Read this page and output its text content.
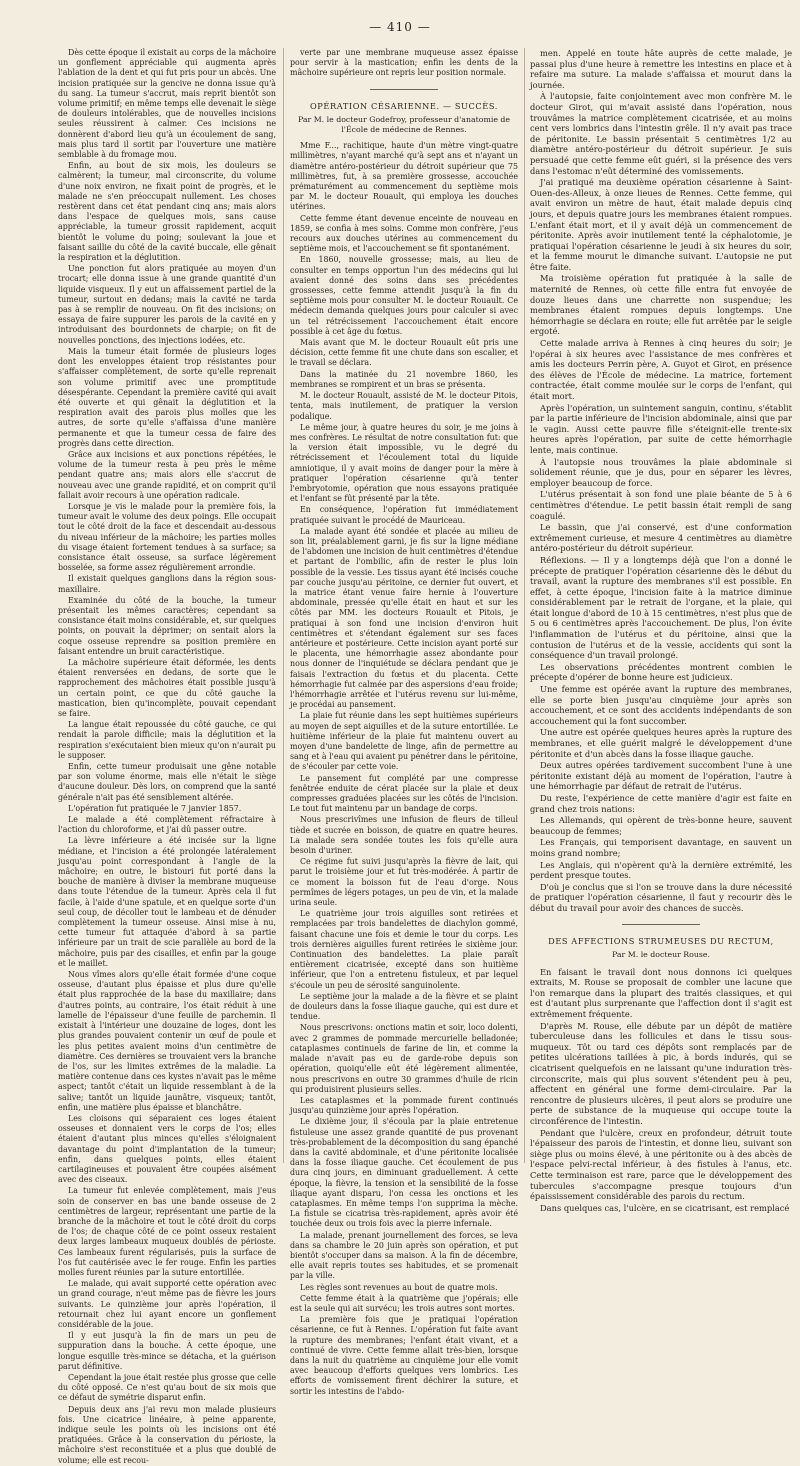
— 410 —

Dès cette époque il existait au corps de la mâchoire un gonflement appréciable qui augmenta après l'ablation de la dent et qui fut pris pour un abcès. Une incision pratiquée sur la gencive ne donna issue qu'à du sang. La tumeur s'accrut, mais reprit bientôt son volume primitif; en même temps elle devenait le siège de douleurs intolérables, que de nouvelles incisions seules réussirent à calmer. Ces incisions ne donnèrent d'abord lieu qu'à un écoulement de sang, mais plus tard il sortit par l'ouverture une matière semblable à du fromage mou.

Enfin, au bout de six mois, les douleurs se calmèrent; la tumeur, mal circonscrite, du volume d'une noix environ, ne fixait point de progrès, et le malade ne s'en préoccupait nullement. Les choses restèrent dans cet état pendant cinq ans; mais alors dans l'espace de quelques mois, sans cause appréciable, la tumeur grossit rapidement, acquit bientôt le volume du poing; soulevant la joue et faisant saillie du côté de la cavité buccale, elle gênait la respiration et la déglutition.

Une ponction fut alors pratiquée au moyen d'un trocart; elle donna issue à une grande quantité d'un liquide visqueux. Il y eut un affaissement partiel de la tumeur, surtout en dedans; mais la cavité ne tarda pas à se remplir de nouveau. On fit des incisions; on essaya de faire suppurer les parois de la cavité en y introduisant des bourdonnets de charpie; on fit de nouvelles ponctions, des injections iodées, etc.

Mais la tumeur était formée de plusieurs loges dont les enveloppes étaient trop résistantes pour s'affaisser complètement, de sorte qu'elle reprenait son volume primitif avec une promptitude désespérante. Cependant la première cavité qui avait été ouverte et qui gênait la déglutition et la respiration avait des parois plus molles que les autres, de sorte qu'elle s'affaissa d'une manière permanente et que la tumeur cessa de faire des progrès dans cette direction.

Grâce aux incisions et aux ponctions répétées, le volume de la tumeur resta à peu près le même pendant quatre ans; mais alors elle s'accrut de nouveau avec une grande rapidité, et on comprit qu'il fallait avoir recours à une opération radicale.

Lorsque je vis le malade pour la première fois, la tumeur avait le volume des deux poings. Elle occupait tout le côté droit de la face et descendait au-dessous du niveau inférieur de la mâchoire; les parties molles du visage étaient fortement tendues à sa surface; sa consistance était osseuse, sa surface légèrement bosselée, sa forme assez régulièrement arrondie.

Il existait quelques ganglions dans la région sous-maxillaire.

Examinée du côté de la bouche, la tumeur présentait les mêmes caractères; cependant sa consistance était moins considérable, et, sur quelques points, on pouvait la déprimer; on sentait alors la coque osseuse reprendre sa position première en faisant entendre un bruit caractéristique.

La mâchoire supérieure était déformée, les dents étaient renversées en dedans, de sorte que le rapprochement des mâchoires était possible jusqu'à un certain point, ce que du côté gauche la mastication, bien qu'incomplète, pouvait cependant se faire.

La langue était repoussée du côté gauche, ce qui rendait la parole difficile; mais la déglutition et la respiration s'exécutaient bien mieux qu'on n'aurait pu le supposer.

Enfin, cette tumeur produisait une gêne notable par son volume énorme, mais elle n'était le siège d'aucune douleur. Dès lors, on comprend que la santé générale n'ait pas été sensiblement altérée.

L'opération fut pratiquée le 7 janvier 1857.

Le malade a été complètement réfractaire à l'action du chloroforme, et j'ai dû passer outre.

La lèvre inférieure a été incisée sur la ligne médiane, et l'incision a été prolongée latéralement jusqu'au point correspondant à l'angle de la mâchoire; en outre, le bistouri fut porté dans la bouche de manière à diviser la membrane muqueuse dans toute l'étendue de la tumeur. Après cela il fut facile, à l'aide d'une spatule, et en quelque sorte d'un seul coup, de décoller tout le lambeau et de dénuder complètement la tumeur osseuse. Ainsi mise à nu, cette tumeur fut attaquée d'abord à sa partie inférieure par un trait de scie parallèle au bord de la mâchoire, puis par des cisailles, et enfin par la gouge et le maillet.

Nous vîmes alors qu'elle était formée d'une coque osseuse, d'autant plus épaisse et plus dure qu'elle était plus rapprochée de la base du maxillaire; dans d'autres points, au contraire, l'os était réduit à une lamelle de l'épaisseur d'une feuille de parchemin. Il existait à l'intérieur une douzaine de loges, dont les plus grandes pouvaient contenir un œuf de poule et les plus petites avaient moins d'un centimètre de diamètre. Ces dernières se trouvaient vers la branche de l'os, sur les limites extrêmes de la maladie. La matière contenue dans ces kystes n'avait pas le même aspect; tantôt c'était un liquide ressemblant à de la salive; tantôt un liquide jaunâtre, visqueux; tantôt, enfin, une matière plus épaisse et blanchâtre.

Les cloisons qui séparaient ces loges étaient osseuses et donnaient vers le corps de l'os; elles étaient d'autant plus minces qu'elles s'éloignaient davantage du point d'implantation de la tumeur; enfin, dans quelques points, elles étaient cartilagineuses et pouvaient être coupées aisément avec des ciseaux.

La tumeur fut enlevée complètement, mais j'eus soin de conserver en bas une bande osseuse de 2 centimètres de largeur, représentant une partie de la branche de la mâchoire et tout le côté droit du corps de l'os; de chaque côté de ce point osseux restaient deux larges lambeaux muqueux doublés de périoste. Ces lambeaux furent régularisés, puis la surface de l'os fut cautérisée avec le fer rouge. Enfin les parties molles furent réunies par la suture entortillée.

Le malade, qui avait supporté cette opération avec un grand courage, n'eut même pas de fièvre les jours suivants. Le quinzième jour après l'opération, il retournait chez lui ayant encore un gonflement considérable de la joue.

Il y eut jusqu'à la fin de mars un peu de suppuration dans la bouche. À cette époque, une longue esquille très-mince se détacha, et la guérison parut définitive.

Cependant la joue était restée plus grosse que celle du côté opposé. Ce n'est qu'au bout de six mois que ce défaut de symétrie disparut enfin.

Depuis deux ans j'ai revu mon malade plusieurs fois. Une cicatrice linéaire, à peine apparente, indique seule les points où les incisions ont été pratiquées. Grâce à la conservation du périoste, la mâchoire s'est reconstituée et a plus que doublé de volume; elle est recou-

verte par une membrane muqueuse assez épaisse pour servir à la mastication; enfin les dents de la mâchoire supérieure ont repris leur position normale.

OPÉRATION CÉSARIENNE. — SUCCÈS.
Par M. le docteur Godefroy, professeur d'anatomie de l'École de médecine de Rennes.

Mme F..., rachitique, haute d'un mètre vingt-quatre millimètres, n'ayant marché qu'à sept ans et n'ayant un diamètre antéro-postérieur du détroit supérieur que 75 millimètres, fut, à sa première grossesse, accouchée prématurément au commencement du septième mois par M. le docteur Rouault, qui employa les douches utérines.

Cette femme étant devenue enceinte de nouveau en 1859, se confia à mes soins. Comme mon confrère, j'eus recours aux douches utérines au commencement du septième mois, et l'accouchement se fit spontanément.

En 1860, nouvelle grossesse; mais, au lieu de consulter en temps opportun l'un des médecins qui lui avaient donné des soins dans ses précédentes grossesses, cette femme attendit jusqu'à la fin du septième mois pour consulter M. le docteur Rouault. Ce médecin demanda quelques jours pour calculer si avec un tel rétrécissement l'accouchement était encore possible à cet âge du fœtus.

Mais avant que M. le docteur Rouault eût pris une décision, cette femme fit une chute dans son escalier, et le travail se déclara.

Dans la matinée du 21 novembre 1860, les membranes se rompirent et un bras se présenta.

M. le docteur Rouault, assisté de M. le docteur Pitois, tenta, mais inutilement, de pratiquer la version podalique.

Le même jour, à quatre heures du soir, je me joins à mes confrères. Le résultat de notre consultation fut: que la version était impossible, vu le degré du rétrécissement et l'écoulement total du liquide amniotique, il y avait moins de danger pour la mère à pratiquer l'opération césarienne qu'à tenter l'embryotomie, opération que nous essayons pratiquée et l'enfant se fût présenté par la tête.

En conséquence, l'opération fut immédiatement pratiquée suivant le procédé de Mauriceau.

La malade ayant été sondée et placée au milieu de son lit, préalablement garni, je fis sur la ligne médiane de l'abdomen une incision de huit centimètres d'étendue et partant de l'ombilic, afin de rester le plus loin possible de la vessie. Les tissus ayant été incisés couche par couche jusqu'au péritoine, ce dernier fut ouvert, et la matrice étant venue faire hernie à l'ouverture abdominale, pressée qu'elle était en haut et sur les côtés par MM. les docteurs Rouault et Pitois, je pratiquai à son fond une incision d'environ huit centimètres et s'étendant également sur ses faces antérieure et postérieure. Cette incision ayant porté sur le placenta, une hémorrhagie assez abondante pour nous donner de l'inquiétude se déclara pendant que je faisais l'extraction du fœtus et du placenta. Cette hémorrhagie fut calmée par des aspersions d'eau froide; l'hémorrhagie arrêtée et l'utérus revenu sur lui-même, je procédai au pansement.

La plaie fut réunie dans les sept huitièmes supérieurs au moyen de sept aiguilles et de la suture entortillée. Le huitième inférieur de la plaie fut maintenu ouvert au moyen d'une bandelette de linge, afin de permettre au sang et à l'eau qui avaient pu pénétrer dans le péritoine, de s'écouler par cette voie.

Le pansement fut complété par une compresse fenêtrée enduite de cérat placée sur la plaie et deux compresses graduées placées sur les côtés de l'incision. Le tout fut maintenu par un bandage de corps.

Nous prescrivîmes une infusion de fleurs de tilleul tiède et sucrée en boisson, de quatre en quatre heures. La malade sera sondée toutes les fois qu'elle aura besoin d'uriner.

Ce régime fut suivi jusqu'après la fièvre de lait, qui parut le troisième jour et fut très-modérée. À partir de ce moment la boisson fut de l'eau d'orge. Nous permîmes de légers potages, un peu de vin, et la malade urina seule.

Le quatrième jour trois aiguilles sont retirées et remplacées par trois bandelettes de diachylon gommé, faisant chacune une fois et demie le tour du corps. Les trois dernières aiguilles furent retirées le sixième jour. Continuation des bandelettes. La plaie paraît entièrement cicatrisée, excepté dans son huitième inférieur, que l'on a entretenu fistuleux, et par lequel s'écoule un peu de sérosité sanguinolente.

Le septième jour la malade a de la fièvre et se plaint de douleurs dans la fosse iliaque gauche, qui est dure et tendue.

Nous prescrivons: onctions matin et soir, loco dolenti, avec 2 grammes de pommade mercurielle belladonée; cataplasmes continuels de farine de lin, et comme la malade n'avait pas eu de garde-robe depuis son opération, quoiqu'elle eût été légèrement alimentée, nous prescrivons en outre 30 grammes d'huile de ricin qui produisirent plusieurs selles.

Les cataplasmes et la pommade furent continués jusqu'au quinzième jour après l'opération.

Le dixième jour, il s'écoula par la plaie entretenue fistuleuse une assez grande quantité de pus provenant très-probablement de la décomposition du sang épanché dans la cavité abdominale, et d'une péritonite localisée dans la fosse iliaque gauche. Cet écoulement de pus dura cinq jours, en diminuant graduellement. À cette époque, la fièvre, la tension et la sensibilité de la fosse iliaque ayant disparu, l'on cessa les onctions et les cataplasmes. En même temps l'on supprima la mèche. La fistule se cicatrisa très-rapidement, après avoir été touchée deux ou trois fois avec la pierre infernale.

La malade, prenant journellement des forces, se leva dans sa chambre le 20 juin après son opération, et put bientôt s'occuper dans sa maison. À la fin de décembre, elle avait repris toutes ses habitudes, et se promenait par la ville.

Les règles sont revenues au bout de quatre mois.

Cette femme était à la quatrième que j'opérais; elle est la seule qui ait survécu; les trois autres sont mortes.

La première fois que je pratiquai l'opération césarienne, ce fut à Rennes. L'opération fut faite avant la rupture des membranes; l'enfant était vivant, et a continué de vivre. Cette femme allait très-bien, lorsque dans la nuit du quatrième au cinquième jour elle vomit avec beaucoup d'efforts quelques vers lombrics. Les efforts de vomissement firent déchirer la suture, et sortir les intestins de l'abdo-

men. Appelé en toute hâte auprès de cette malade, je passai plus d'une heure à remettre les intestins en place et à refaire ma suture. La malade s'affaissa et mourut dans la journée.

À l'autopsie, faite conjointement avec mon confrère M. le docteur Girot, qui m'avait assisté dans l'opération, nous trouvâmes la matrice complètement cicatrisée, et au moins cent vers lombrics dans l'intestin grêle. Il n'y avait pas trace de péritonite. Le bassin présentait 5 centimètres 1/2 au diamètre antéro-postérieur du détroit supérieur. Je suis persuadé que cette femme eût guéri, si la présence des vers dans l'estomac n'eût déterminé des vomissements.

J'ai pratiqué ma deuxième opération césarienne à Saint-Ouen-des-Alleux, à onze lieues de Rennes. Cette femme, qui avait environ un mètre de haut, était malade depuis cinq jours, et depuis quatre jours les membranes étaient rompues. L'enfant était mort, et il y avait déjà un commencement de péritonite. Après avoir inutilement tenté la céphalotomie, je pratiquai l'opération césarienne le jeudi à six heures du soir, et la femme mourut le dimanche suivant. L'autopsie ne put être faite.

Ma troisième opération fut pratiquée à la salle de maternité de Rennes, où cette fille entra fut envoyée de douze lieues dans une charrette non suspendue; les membranes étaient rompues depuis longtemps. Une hémorrhagie se déclara en route; elle fut arrêtée par le seigle ergoté.

Cette malade arriva à Rennes à cinq heures du soir; je l'opérai à six heures avec l'assistance de mes confrères et amis les docteurs Perrin père, A. Guyot et Girot, en présence des élèves de l'École de médecine. La matrice, fortement contractée, était comme moulée sur le corps de l'enfant, qui était mort.

Après l'opération, un suintement sanguin, continu, s'établit par la partie inférieure de l'incision abdominale, ainsi que par le vagin. Aussi cette pauvre fille s'éteignit-elle trente-six heures après l'opération, par suite de cette hémorrhagie lente, mais continue.

À l'autopsie nous trouvâmes la plaie abdominale si solidement réunie, que je dus, pour en séparer les lèvres, employer beaucoup de force.

L'utérus présentait à son fond une plaie béante de 5 à 6 centimètres d'étendue. Le petit bassin était rempli de sang coagulé.

Le bassin, que j'ai conservé, est d'une conformation extrêmement curieuse, et mesure 4 centimètres au diamètre antéro-postérieur du détroit supérieur.

Réflexions. — Il y a longtemps déjà que l'on a donné le précepte de pratiquer l'opération césarienne dès le début du travail, avant la rupture des membranes s'il est possible. En effet, à cette époque, l'incision faite à la matrice diminue considérablement par le retrait de l'organe, et la plaie, qui était longue d'abord de 10 à 15 centimètres, n'est plus que de 5 ou 6 centimètres après l'accouchement. De plus, l'on évite l'inflammation de l'utérus et du péritoine, ainsi que la contusion de l'utérus et de la vessie, accidents qui sont la conséquence d'un travail prolongé.

Les observations précédentes montrent combien le précepte d'opérer de bonne heure est judicieux.

Une femme est opérée avant la rupture des membranes, elle se porte bien jusqu'au cinquième jour après son accouchement, et ce sont des accidents indépendants de son accouchement qui la font succomber.

Une autre est opérée quelques heures après la rupture des membranes, et elle guérit malgré le développement d'une péritonite et d'un abcès dans la fosse iliaque gauche.

Deux autres opérées tardivement succombent l'une à une péritonite existant déjà au moment de l'opération, l'autre à une hémorrhagie par défaut de retrait de l'utérus.

Du reste, l'expérience de cette manière d'agir est faite en grand chez trois nations:

Les Allemands, qui opèrent de très-bonne heure, sauvent beaucoup de femmes;

Les Français, qui temporisent davantage, en sauvent un moins grand nombre;

Les Anglais, qui n'opèrent qu'à la dernière extrémité, les perdent presque toutes.

D'où je conclus que si l'on se trouve dans la dure nécessité de pratiquer l'opération césarienne, il faut y recourir dès le début du travail pour avoir des chances de succès.

DES AFFECTIONS STRUMEUSES DU RECTUM,
Par M. le docteur Rouse.

En faisant le travail dont nous donnons ici quelques extraits, M. Rouse se proposait de combler une lacune que l'on remarque dans la plupart des traités classiques, et qui est d'autant plus surprenante que l'affection dont il s'agit est extrêmement fréquente.

D'après M. Rouse, elle débute par un dépôt de matière tuberculeuse dans les follicules et dans le tissu sous-muqueux. Tôt ou tard ces dépôts sont remplacés par de petites ulcérations taillées à pic, à bords indurés, qui se cicatrisent quelquefois en ne laissant qu'une induration très-circonscrite, mais qui plus souvent s'étendent peu à peu, affectent en général une forme demi-circulaire. Par la rencontre de plusieurs ulcères, il peut alors se produire une perte de substance de la muqueuse qui occupe toute la circonférence de l'intestin.

Pendant que l'ulcère, creux en profondeur, détruit toute l'épaisseur des parois de l'intestin, et donne lieu, suivant son siège plus ou moins élevé, à une péritonite ou à des abcès de l'espace pelvi-rectal inférieur, à des fistules à l'anus, etc. Cette terminaison est rare, parce que le développement des tubercules s'accompagne presque toujours d'un épaississement considérable des parois du rectum.

Dans quelques cas, l'ulcère, en se cicatrisant, est remplacé
